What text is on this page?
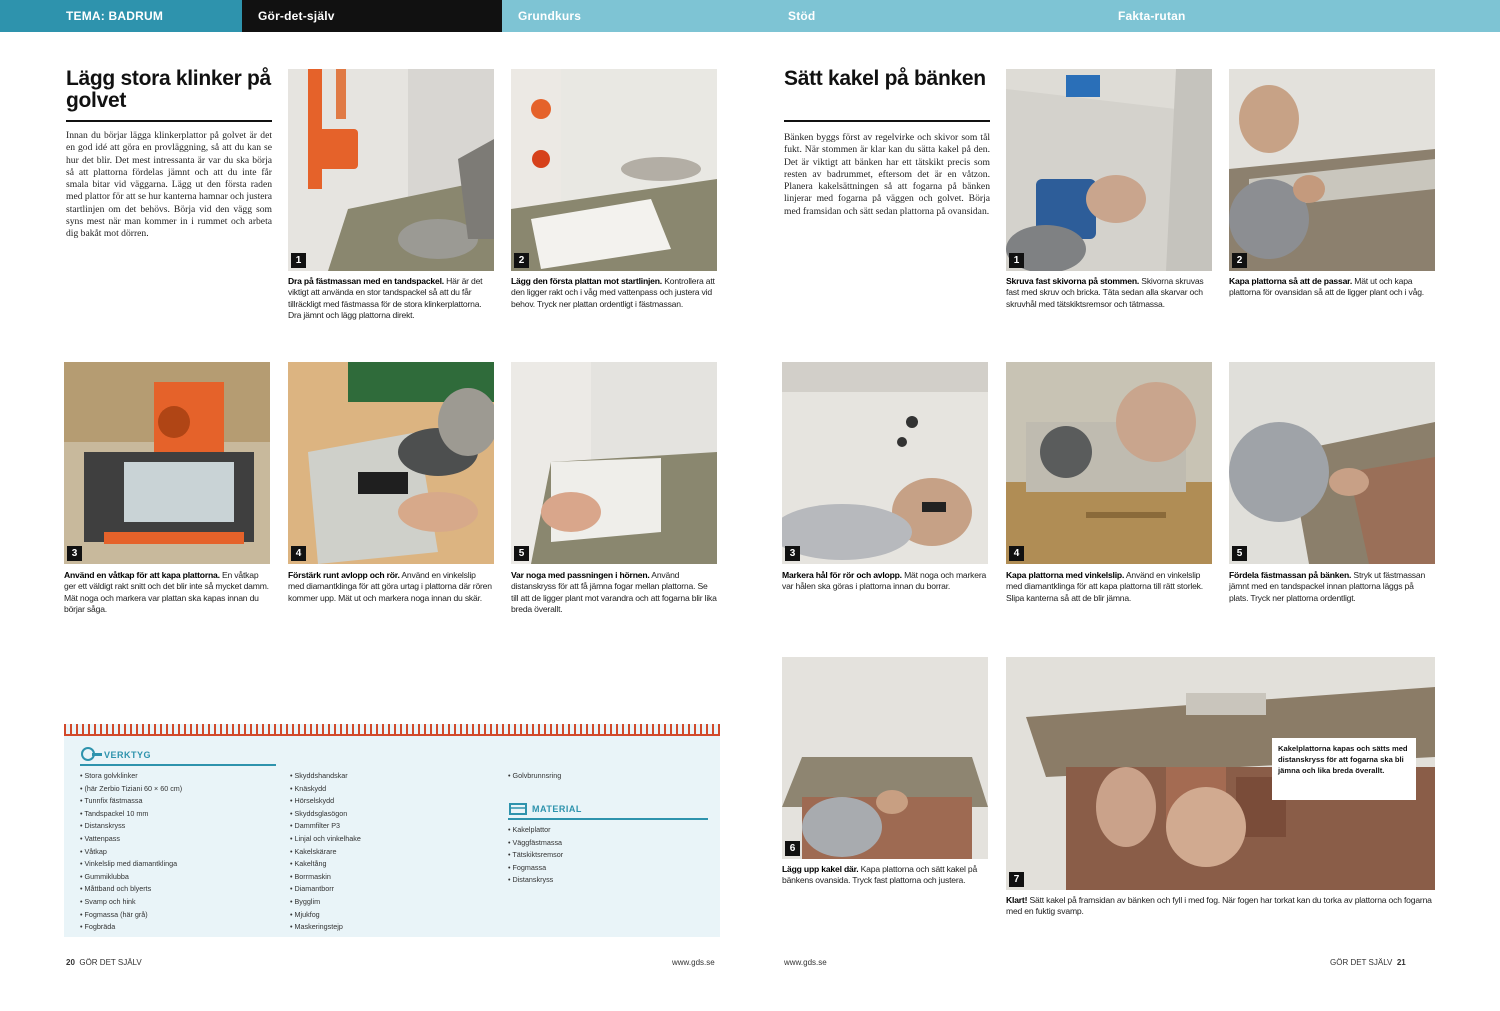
TEMA: BADRUM	Gör-det-själv	Grundkurs	Stöd	Fakta-rutan
Lägg stora klinker på golvet
Innan du börjar lägga klinkerplattor på golvet är det en god idé att göra en provläggning, så att du kan se hur det blir. Det mest intressanta är var du ska börja så att plattorna fördelas jämnt och att du inte får smala bitar vid väggarna. Lägg ut den första raden med plattor för att se hur kanterna hamnar och justera startlinjen om det behövs. Börja vid den vägg som syns mest när man kommer in i rummet och arbeta dig bakåt mot dörren.
1	2
Dra på fästmassan med en tandspackel. Här är det viktigt att använda en stor tandspackel så att du får tillräckligt med fästmassa för de stora klinkerplattorna. Dra jämnt och lägg plattorna direkt.
Lägg den första plattan mot startlinjen. Kontrollera att den ligger rakt och i våg med vattenpass och justera vid behov. Tryck ner plattan ordentligt i fästmassan.
3	4	5
Använd en våtkap för att kapa plattorna. En våtkap ger ett väldigt rakt snitt och det blir inte så mycket damm. Mät noga och markera var plattan ska kapas innan du börjar såga.
Förstärk runt avlopp och rör. Använd en vinkelslip med diamantklinga för att göra urtag i plattorna där rören kommer upp. Mät ut och markera noga innan du skär.
Var noga med passningen i hörnen. Använd distanskryss för att få jämna fogar mellan plattorna. Se till att de ligger plant mot varandra och att fogarna blir lika breda överallt.
VERKTYG
• Stora golvklinker
• (här Zerbio Tiziani 60 × 60 cm)
• Tunnfix fästmassa
• Tandspackel 10 mm
• Distanskryss
• Vattenpass
• Våtkap
• Vinkelslip med diamantklinga
• Gummiklubba
• Måttband och blyerts
• Svamp och hink
• Fogmassa (här grå)
• Fogbräda
• Skyddshandskar
• Knäskydd
• Hörselskydd
• Skyddsglasögon
• Dammfilter P3
• Linjal och vinkelhake
• Kakelskärare
• Kakeltång
• Borrmaskin
• Diamantborr
• Bygglim
• Mjukfog
• Maskeringstejp
• Golvbrunnsring
MATERIAL
• Kakelplattor
• Väggfästmassa
• Tätskiktsremsor
• Fogmassa
• Distanskryss
20 GÖR DET SJÄLV	www.gds.se
Sätt kakel på bänken
Bänken byggs först av regelvirke och skivor som tål fukt. När stommen är klar kan du sätta kakel på den. Det är viktigt att bänken har ett tätskikt precis som resten av badrummet, eftersom det är en våtzon. Planera kakelsättningen så att fogarna på bänken linjerar med fogarna på väggen och golvet. Börja med framsidan och sätt sedan plattorna på ovansidan.
1	2
Skruva fast skivorna på stommen. Skivorna skruvas fast med skruv och bricka. Täta sedan alla skarvar och skruvhål med tätskiktsremsor och tätmassa.
Kapa plattorna så att de passar. Mät ut och kapa plattorna för ovansidan så att de ligger plant och i våg.
3	4	5
Markera hål för rör och avlopp. Mät noga och markera var hålen ska göras i plattorna innan du borrar.
Kapa plattorna med vinkelslip. Använd en vinkelslip med diamantklinga för att kapa plattorna till rätt storlek. Slipa kanterna så att de blir jämna.
Fördela fästmassan på bänken. Stryk ut fästmassan jämnt med en tandspackel innan plattorna läggs på plats. Tryck ner plattorna ordentligt.
6
7
Kakelplattorna kapas och sätts med distanskryss för att fogarna ska bli jämna och lika breda överallt.
Lägg upp kakel där. Kapa plattorna och sätt kakel på bänkens ovansida. Tryck fast plattorna och justera.
Klart! Sätt kakel på framsidan av bänken och fyll i med fog. När fogen har torkat kan du torka av plattorna och fogarna med en fuktig svamp.
www.gds.se	GÖR DET SJÄLV 21
